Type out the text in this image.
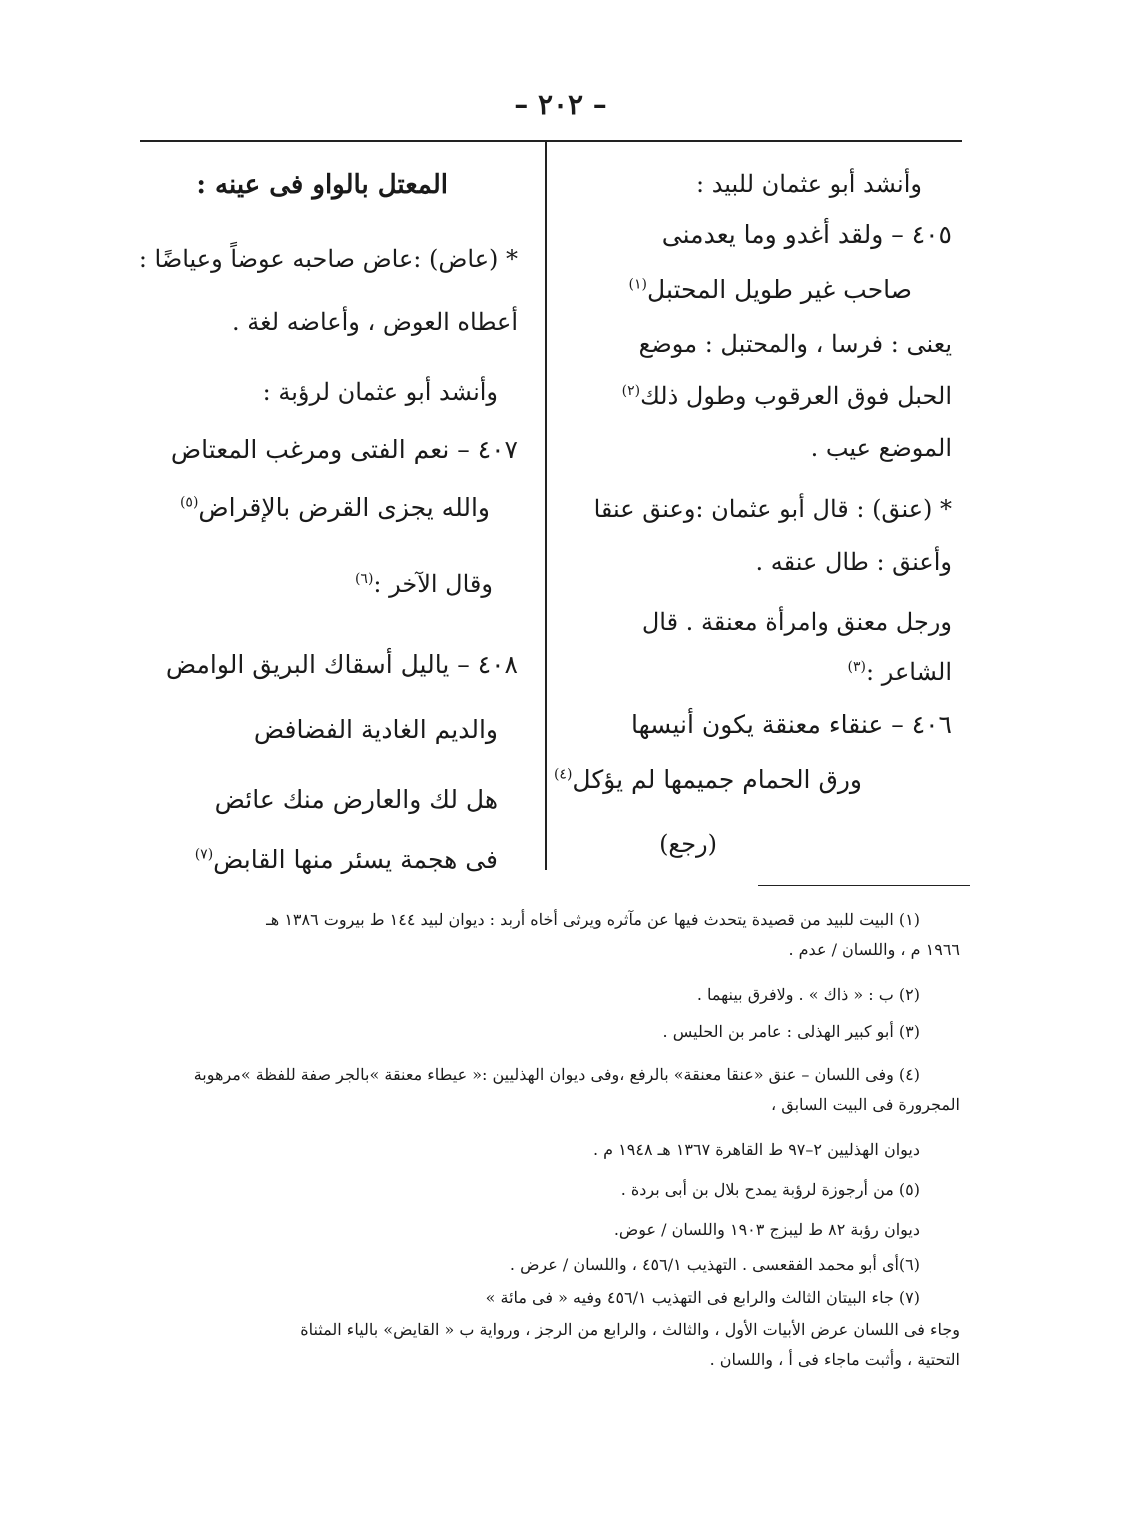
– ٢٠٢ –
وأنشد أبو عثمان للبيد :
٤٠٥ – ولقد أغدو وما يعدمنى
صاحب غير طويل المحتبل$^{(١)}$
يعنى : فرسا ، والمحتبل : موضع
الحبل فوق العرقوب وطول ذلك$^{(٢)}$
الموضع عيب .
* (عنق) : قال أبو عثمان :وعنق عنقا
وأعنق : طال عنقه .
ورجل معنق وامرأة معنقة . قال
الشاعر :$^{(٣)}$
٤٠٦ – عنقاء معنقة يكون أنيسها
ورق الحمام جميمها لم يؤكل$^{(٤)}$
(رجع)
المعتل بالواو فى عينه :
* (عاض) :عاض صاحبه عوضاً وعياضًا :
أعطاه العوض ، وأعاضه لغة .
وأنشد أبو عثمان لرؤبة :
٤٠٧ – نعم الفتى ومرغب المعتاض
والله يجزى القرض بالإقراض$^{(٥)}$
وقال الآخر :$^{(٦)}$
٤٠٨ – ياليل أسقاك البريق الوامض
والديم الغادية الفضافض
هل لك والعارض منك عائض
فى هجمة يسئر منها القابض$^{(٧)}$
(١) البيت للبيد من قصيدة يتحدث فيها عن مآثره ويرثى أخاه أربد : ديوان لبيد ١٤٤ ط بيروت ١٣٨٦ هـ
١٩٦٦ م ، واللسان / عدم .
(٢) ب : « ذاك » . ولافرق بينهما .
(٣) أبو كبير الهذلى : عامر بن الحليس .
(٤) وفى اللسان – عنق «عنقا معنقة» بالرفع ،وفى ديوان الهذليين :« عيطاء معنقة »بالجر صفة للفظة »مرهوبة
المجرورة فى البيت السابق ،
ديوان الهذليين ٢–٩٧ ط القاهرة ١٣٦٧ هـ ١٩٤٨ م .
(٥) من أرجوزة لرؤبة يمدح بلال بن أبى بردة .
ديوان رؤبة ٨٢ ط ليبزج ١٩٠٣ واللسان / عوض.
(٦)أى أبو محمد الفقعسى . التهذيب ٤٥٦/١ ، واللسان / عرض .
(٧) جاء البيتان الثالث والرابع فى التهذيب ٤٥٦/١ وفيه « فى مائة »
وجاء فى اللسان عرض الأبيات الأول ، والثالث ، والرابع من الرجز ، ورواية ب « القايض» بالياء المثناة
التحتية ، وأثبت ماجاء فى أ ، واللسان .
